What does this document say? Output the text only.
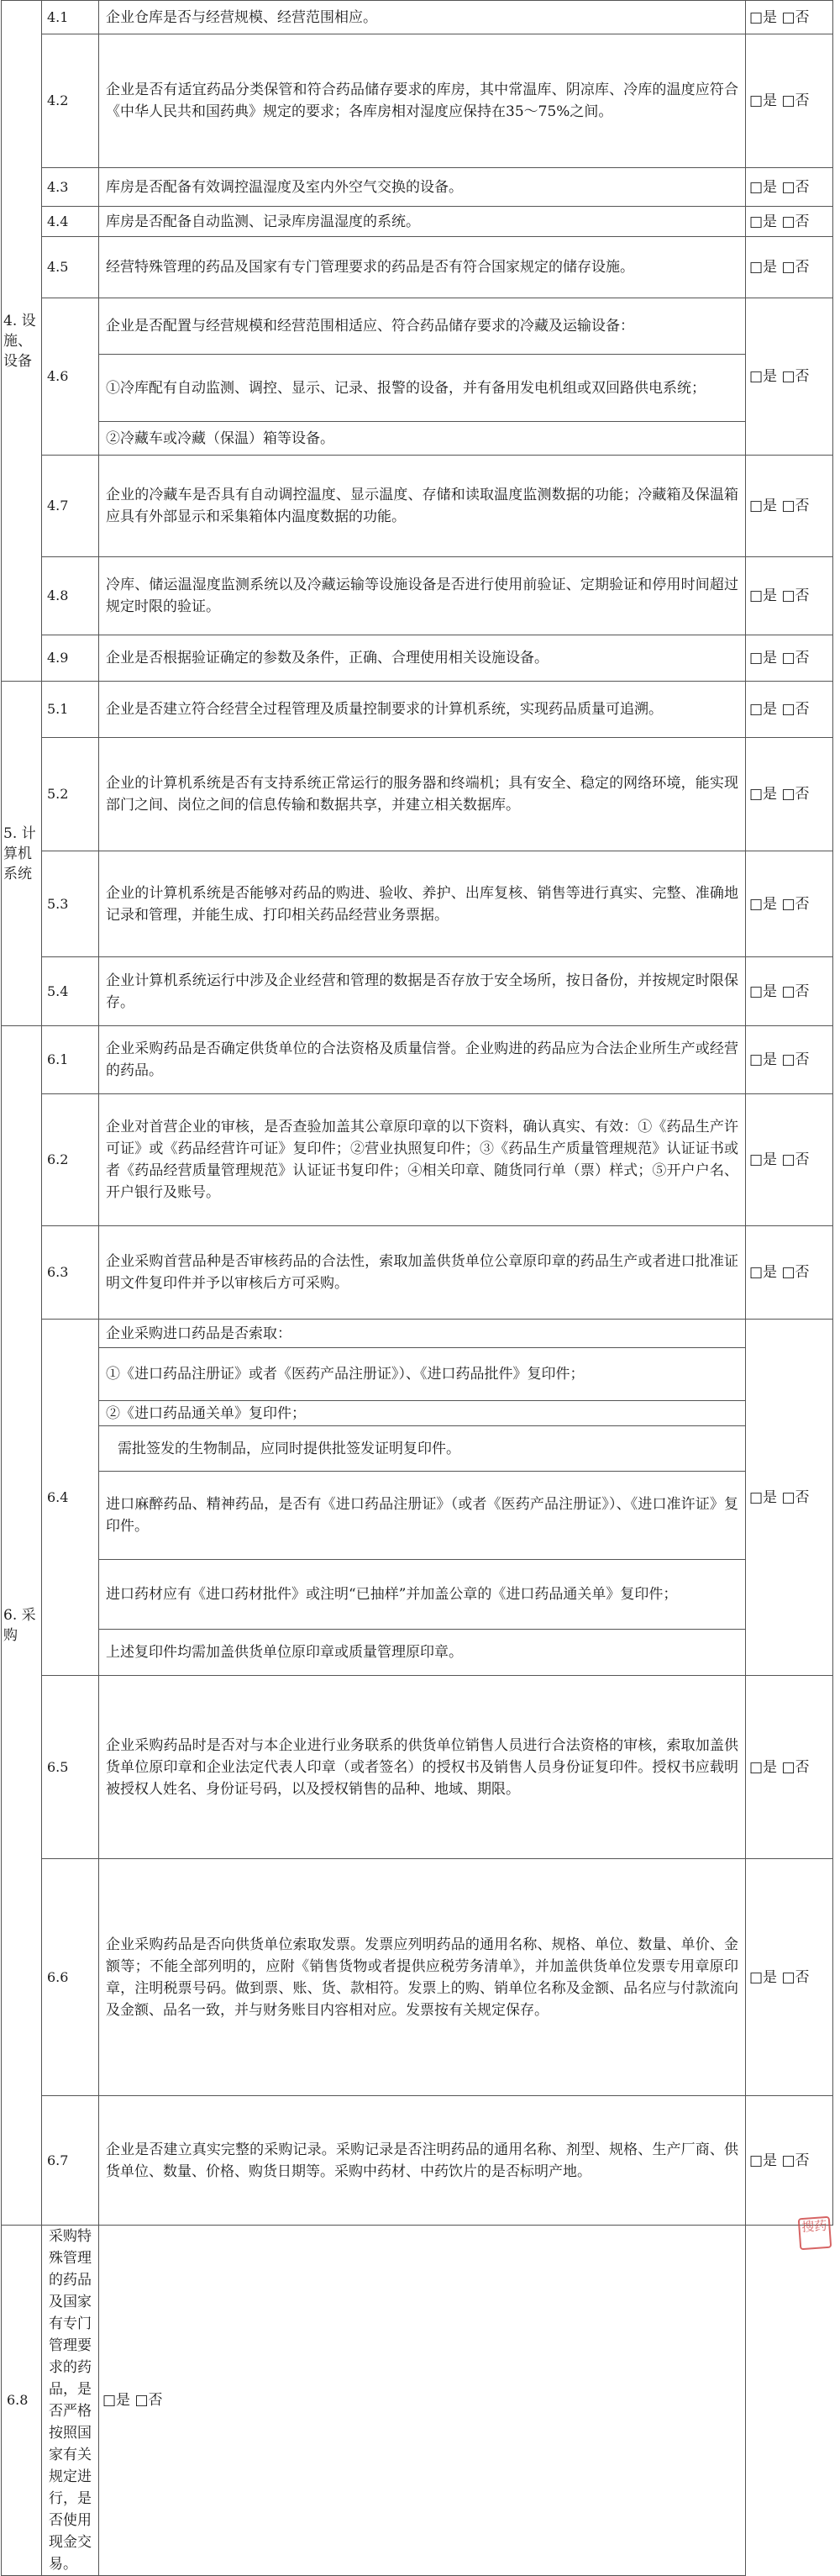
4. 设施、设备	4.1	企业仓库是否与经营规模、经营范围相应。	□是 □否
	4.2	企业是否有适宜药品分类保管和符合药品储存要求的库房，其中常温库、阴凉库、冷库的温度应符合《中华人民共和国药典》规定的要求；各库房相对湿度应保持在35～75%之间。	□是 □否
	4.3	库房是否配备有效调控温湿度及室内外空气交换的设备。	□是 □否
	4.4	库房是否配备自动监测、记录库房温湿度的系统。	□是 □否
	4.5	经营特殊管理的药品及国家有专门管理要求的药品是否有符合国家规定的储存设施。	□是 □否
	4.6	企业是否配置与经营规模和经营范围相适应、符合药品储存要求的冷藏及运输设备：	□是 □否
		①冷库配有自动监测、调控、显示、记录、报警的设备，并有备用发电机组或双回路供电系统；	
		②冷藏车或冷藏（保温）箱等设备。	
	4.7	企业的冷藏车是否具有自动调控温度、显示温度、存储和读取温度监测数据的功能；冷藏箱及保温箱应具有外部显示和采集箱体内温度数据的功能。	□是 □否
	4.8	冷库、储运温湿度监测系统以及冷藏运输等设施设备是否进行使用前验证、定期验证和停用时间超过规定时限的验证。	□是 □否
	4.9	企业是否根据验证确定的参数及条件，正确、合理使用相关设施设备。	□是 □否
5. 计算机系统	5.1	企业是否建立符合经营全过程管理及质量控制要求的计算机系统，实现药品质量可追溯。	□是 □否
	5.2	企业的计算机系统是否有支持系统正常运行的服务器和终端机；具有安全、稳定的网络环境，能实现部门之间、岗位之间的信息传输和数据共享，并建立相关数据库。	□是 □否
	5.3	企业的计算机系统是否能够对药品的购进、验收、养护、出库复核、销售等进行真实、完整、准确地记录和管理，并能生成、打印相关药品经营业务票据。	□是 □否
	5.4	企业计算机系统运行中涉及企业经营和管理的数据是否存放于安全场所，按日备份，并按规定时限保存。	□是 □否
6. 采购	6.1	企业采购药品是否确定供货单位的合法资格及质量信誉。企业购进的药品应为合法企业所生产或经营的药品。	□是 □否
	6.2	企业对首营企业的审核，是否查验加盖其公章原印章的以下资料，确认真实、有效：①《药品生产许可证》或《药品经营许可证》复印件；②营业执照复印件；③《药品生产质量管理规范》认证证书或者《药品经营质量管理规范》认证证书复印件；④相关印章、随货同行单（票）样式；⑤开户户名、开户银行及账号。	□是 □否
	6.3	企业采购首营品种是否审核药品的合法性，索取加盖供货单位公章原印章的药品生产或者进口批准证明文件复印件并予以审核后方可采购。	□是 □否
	6.4	企业采购进口药品是否索取：	□是 □否
		①《进口药品注册证》或者《医药产品注册证》）、《进口药品批件》复印件；	
		②《进口药品通关单》复印件；	
		需批签发的生物制品，应同时提供批签发证明复印件。	
		进口麻醉药品、精神药品，是否有《进口药品注册证》（或者《医药产品注册证》）、《进口准许证》复印件。	
		进口药材应有《进口药材批件》或注明“已抽样”并加盖公章的《进口药品通关单》复印件；	
		上述复印件均需加盖供货单位原印章或质量管理原印章。	
	6.5	企业采购药品时是否对与本企业进行业务联系的供货单位销售人员进行合法资格的审核，索取加盖供货单位原印章和企业法定代表人印章（或者签名）的授权书及销售人员身份证复印件。授权书应载明被授权人姓名、身份证号码，以及授权销售的品种、地域、期限。	□是 □否
	6.6	企业采购药品是否向供货单位索取发票。发票应列明药品的通用名称、规格、单位、数量、单价、金额等；不能全部列明的，应附《销售货物或者提供应税劳务清单》，并加盖供货单位发票专用章原印章，注明税票号码。做到票、账、货、款相符。发票上的购、销单位名称及金额、品名应与付款流向及金额、品名一致，并与财务账目内容相对应。发票按有关规定保存。	□是 □否
	6.7	企业是否建立真实完整的采购记录。采购记录是否注明药品的通用名称、剂型、规格、生产厂商、供货单位、数量、价格、购货日期等。采购中药材、中药饮片的是否标明产地。	□是 □否
6.8	采购特殊管理的药品及国家有专门管理要求的药品，是否严格按照国家有关规定进行，是否使用现金交易。	□是 □否	
搜药
